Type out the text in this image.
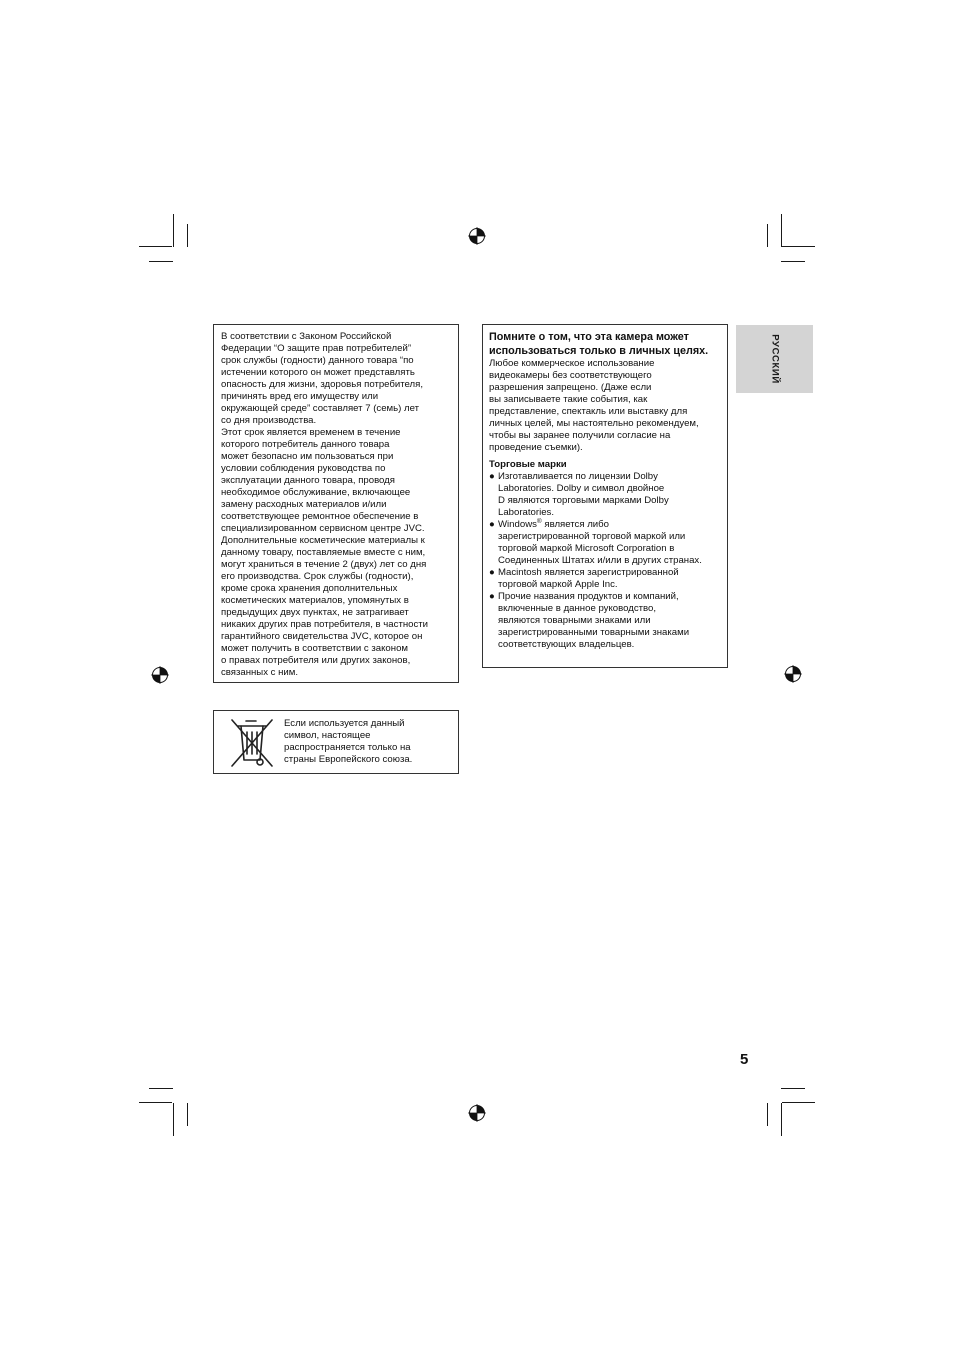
РУССКИЙ
В соответствии с Законом Российской
Федерации “О защите прав потребителей”
срок службы (годности) данного товара “по
истечении которого он может представлять
опасность для жизни, здоровья потребителя,
причинять вред его имуществу или
окружающей среде” составляет 7 (семь) лет
со дня производства.
Этот срок является временем в течение
которого потребитель данного товара
может безопасно им пользоваться при
условии соблюдения руководства по
эксплуатации данного товара, проводя
необходимое обслуживание, включающее
замену расходных материалов и/или
соответствующее ремонтное обеспечение в
специализированном сервисном центре JVC.
Дополнительные косметические материалы к
данному товару, поставляемые вместе с ним,
могут храниться в течение 2 (двух) лет со дня
его производства. Срок службы (годности),
кроме срока хранения дополнительных
косметических материалов, упомянутых в
предыдущих двух пунктах, не затрагивает
никаких других прав потребителя, в частности
гарантийного свидетельства JVC, которое он
может получить в соответствии с законом
о правах потребителя или других законов,
связанных с ним.
Если используется данный
символ, настоящее
распространяется только на
страны Европейского союза.
Помните о том, что эта камера может
использоваться только в личных целях.
Любое коммерческое использование
видеокамеры без соответствующего
разрешения запрещено. (Даже если
вы записываете такие события, как
представление, спектакль или выставку для
личных целей, мы настоятельно рекомендуем,
чтобы вы заранее получили согласие на
проведение съемки).
Торговые марки
● Изготавливается по лицензии Dolby
Laboratories. Dolby и символ двойное
D являются торговыми марками Dolby
Laboratories.
● Windows® является либо
зарегистрированной торговой маркой или
торговой маркой Microsoft Corporation в
Соединенных Штатах и/или в других странах.
● Macintosh является зарегистрированной
торговой маркой Apple Inc.
● Прочие названия продуктов и компаний,
включенные в данное руководство,
являются товарными знаками или
зарегистрированными товарными знаками
соответствующих владельцев.
5
